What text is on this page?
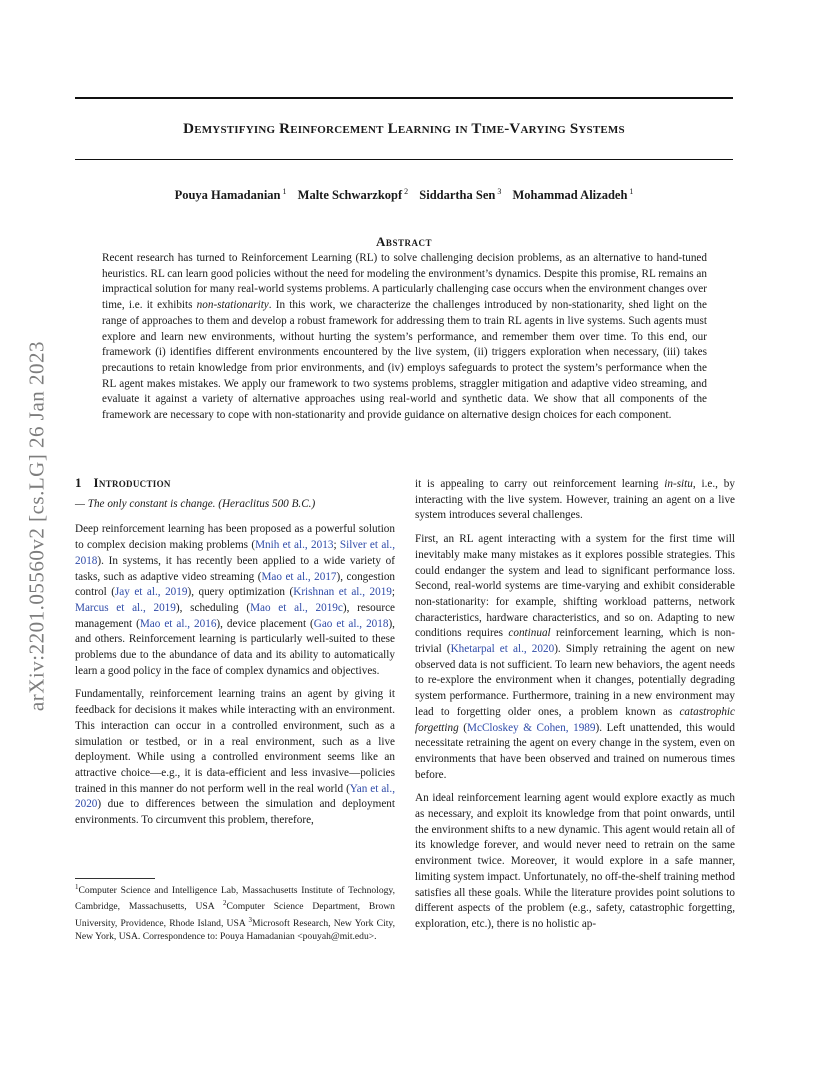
Demystifying Reinforcement Learning in Time-Varying Systems
Pouya Hamadanian $^1$ Malte Schwarzkopf $^2$ Siddartha Sen $^3$ Mohammad Alizadeh $^1$
Abstract
Recent research has turned to Reinforcement Learning (RL) to solve challenging decision problems, as an alternative to hand-tuned heuristics. RL can learn good policies without the need for modeling the environment’s dynamics. Despite this promise, RL remains an impractical solution for many real-world systems problems. A particularly challenging case occurs when the environment changes over time, i.e. it exhibits non-stationarity. In this work, we characterize the challenges introduced by non-stationarity, shed light on the range of approaches to them and develop a robust framework for addressing them to train RL agents in live systems. Such agents must explore and learn new environments, without hurting the system’s performance, and remember them over time. To this end, our framework (i) identifies different environments encountered by the live system, (ii) triggers exploration when necessary, (iii) takes precautions to retain knowledge from prior environments, and (iv) employs safeguards to protect the system’s performance when the RL agent makes mistakes. We apply our framework to two systems problems, straggler mitigation and adaptive video streaming, and evaluate it against a variety of alternative approaches using real-world and synthetic data. We show that all components of the framework are necessary to cope with non-stationarity and provide guidance on alternative design choices for each component.
arXiv:2201.05560v2 [cs.LG] 26 Jan 2023 1 Introduction
— The only constant is change. (Heraclitus 500 B.C.)

Deep reinforcement learning has been proposed as a powerful solution to complex decision making problems (Mnih et al., 2013; Silver et al., 2018). In systems, it has recently been applied to a wide variety of tasks, such as adaptive video streaming (Mao et al., 2017), congestion control (Jay et al., 2019), query optimization (Krishnan et al., 2019; Marcus et al., 2019), scheduling (Mao et al., 2019c), resource management (Mao et al., 2016), device placement (Gao et al., 2018), and others. Reinforcement learning is particularly well-suited to these problems due to the abundance of data and its ability to automatically learn a good policy in the face of complex dynamics and objectives.

Fundamentally, reinforcement learning trains an agent by giving it feedback for decisions it makes while interacting with an environment. This interaction can occur in a controlled environment, such as a simulation or testbed, or in a real environment, such as a live deployment. While using a controlled environment seems like an attractive choice—e.g., it is data-efficient and less invasive—policies trained in this manner do not perform well in the real world (Yan et al., 2020) due to differences between the simulation and deployment environments. To circumvent this problem, therefore,

it is appealing to carry out reinforcement learning in-situ, i.e., by interacting with the live system. However, training an agent on a live system introduces several challenges.

First, an RL agent interacting with a system for the first time will inevitably make many mistakes as it explores possible strategies. This could endanger the system and lead to significant performance loss. Second, real-world systems are time-varying and exhibit considerable non-stationarity: for example, shifting workload patterns, network characteristics, hardware characteristics, and so on. Adapting to new conditions requires continual reinforcement learning, which is non-trivial (Khetarpal et al., 2020). Simply retraining the agent on new observed data is not sufficient. To learn new behaviors, the agent needs to re-explore the environment when it changes, potentially degrading system performance. Furthermore, training in a new environment may lead to forgetting older ones, a problem known as catastrophic forgetting (McCloskey & Cohen, 1989). Left unattended, this would necessitate retraining the agent on every change in the system, even on environments that have been observed and trained on numerous times before.

An ideal reinforcement learning agent would explore exactly as much as necessary, and exploit its knowledge from that point onwards, until the environment shifts to a new dynamic. This agent would retain all of its knowledge forever, and would never need to retrain on the same environment twice. Moreover, it would explore in a safe manner, limiting system impact. Unfortunately, no off-the-shelf training method satisfies all these goals. While the literature provides point solutions to different aspects of the problem (e.g., safety, catastrophic forgetting, exploration, etc.), there is no holistic ap-

$^1$Computer Science and Intelligence Lab, Massachusetts Institute of Technology, Cambridge, Massachusetts, USA $^2$Computer Science Department, Brown University, Providence, Rhode Island, USA $^3$Microsoft Research, New York City, New York, USA. Correspondence to: Pouya Hamadanian <pouyah@mit.edu>.
